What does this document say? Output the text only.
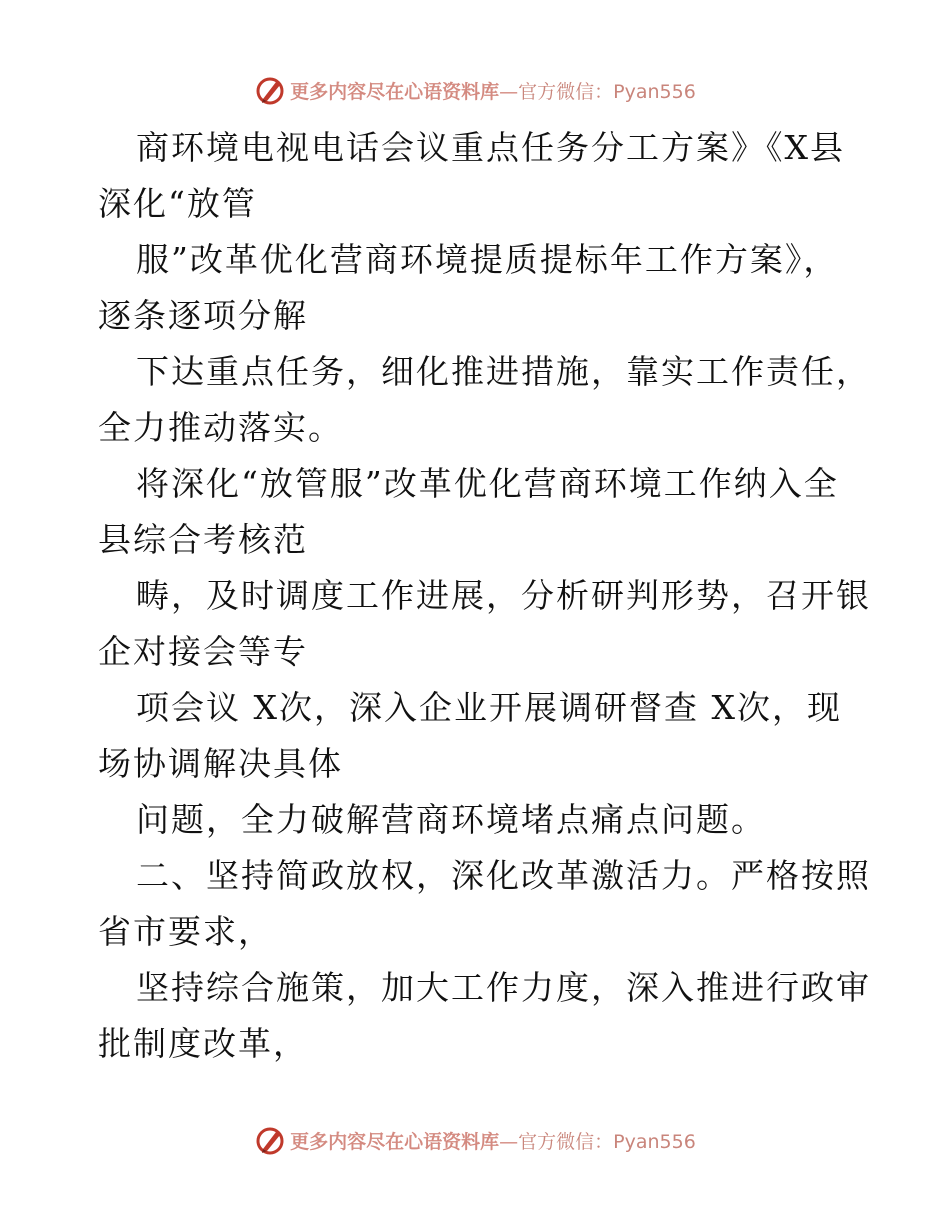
更多内容尽在心语资料库—官方微信：Pyan556
商环境电视电话会议重点任务分工方案》《X县
深化“放管
服”改革优化营商环境提质提标年工作方案》，
逐条逐项分解
下达重点任务，细化推进措施，靠实工作责任，
全力推动落实。
将深化“放管服”改革优化营商环境工作纳入全
县综合考核范
畴，及时调度工作进展，分析研判形势，召开银
企对接会等专
项会议 X次，深入企业开展调研督查 X次，现
场协调解决具体
问题，全力破解营商环境堵点痛点问题。
二、坚持简政放权，深化改革激活力。严格按照
省市要求，
坚持综合施策，加大工作力度，深入推进行政审
批制度改革，
更多内容尽在心语资料库—官方微信：Pyan556
